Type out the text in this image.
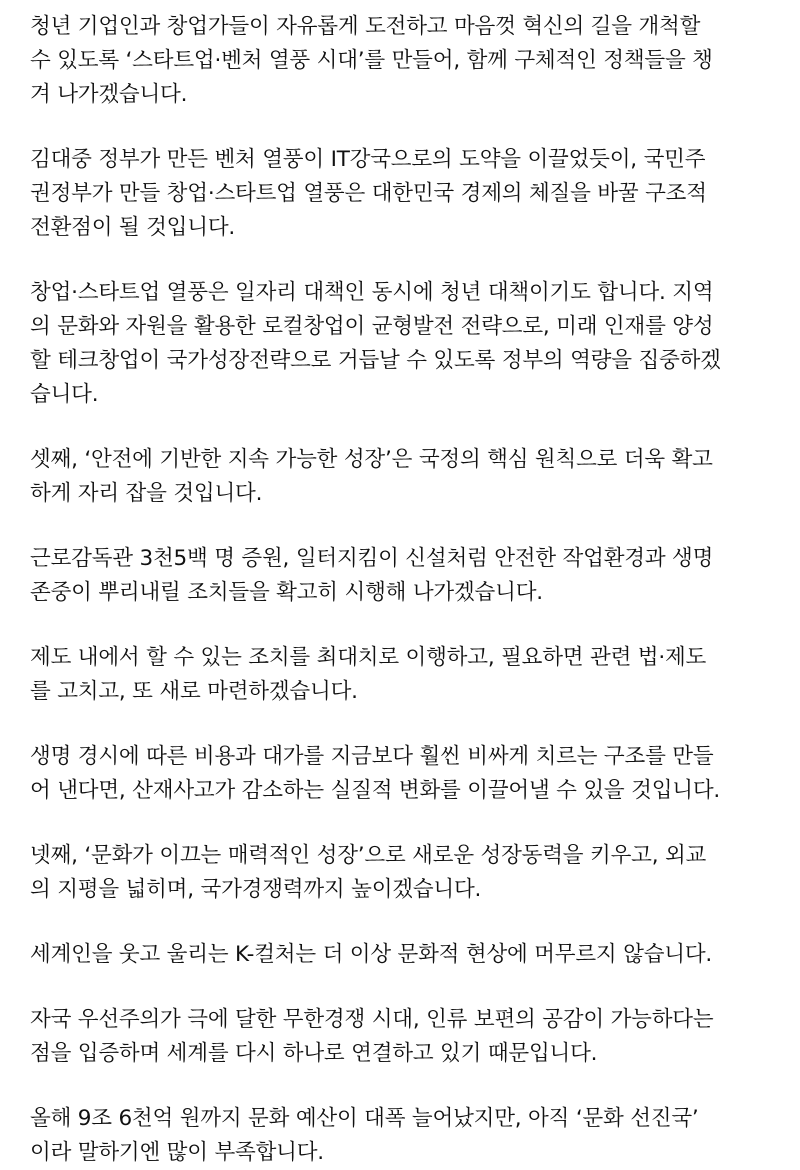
청년 기업인과 창업가들이 자유롭게 도전하고 마음껏 혁신의 길을 개척할
수 있도록 ‘스타트업·벤처 열풍 시대’를 만들어, 함께 구체적인 정책들을 챙
겨 나가겠습니다.

김대중 정부가 만든 벤처 열풍이 IT강국으로의 도약을 이끌었듯이, 국민주
권정부가 만들 창업·스타트업 열풍은 대한민국 경제의 체질을 바꿀 구조적
전환점이 될 것입니다.

창업·스타트업 열풍은 일자리 대책인 동시에 청년 대책이기도 합니다. 지역
의 문화와 자원을 활용한 로컬창업이 균형발전 전략으로, 미래 인재를 양성
할 테크창업이 국가성장전략으로 거듭날 수 있도록 정부의 역량을 집중하겠
습니다.

셋째, ‘안전에 기반한 지속 가능한 성장’은 국정의 핵심 원칙으로 더욱 확고
하게 자리 잡을 것입니다.

근로감독관 3천5백 명 증원, 일터지킴이 신설처럼 안전한 작업환경과 생명
존중이 뿌리내릴 조치들을 확고히 시행해 나가겠습니다.

제도 내에서 할 수 있는 조치를 최대치로 이행하고, 필요하면 관련 법·제도
를 고치고, 또 새로 마련하겠습니다.

생명 경시에 따른 비용과 대가를 지금보다 훨씬 비싸게 치르는 구조를 만들
어 낸다면, 산재사고가 감소하는 실질적 변화를 이끌어낼 수 있을 것입니다.

넷째, ‘문화가 이끄는 매력적인 성장’으로 새로운 성장동력을 키우고, 외교
의 지평을 넓히며, 국가경쟁력까지 높이겠습니다.

세계인을 웃고 울리는 K-컬처는 더 이상 문화적 현상에 머무르지 않습니다.

자국 우선주의가 극에 달한 무한경쟁 시대, 인류 보편의 공감이 가능하다는
점을 입증하며 세계를 다시 하나로 연결하고 있기 때문입니다.

올해 9조 6천억 원까지 문화 예산이 대폭 늘어났지만, 아직 ‘문화 선진국’
이라 말하기엔 많이 부족합니다.
